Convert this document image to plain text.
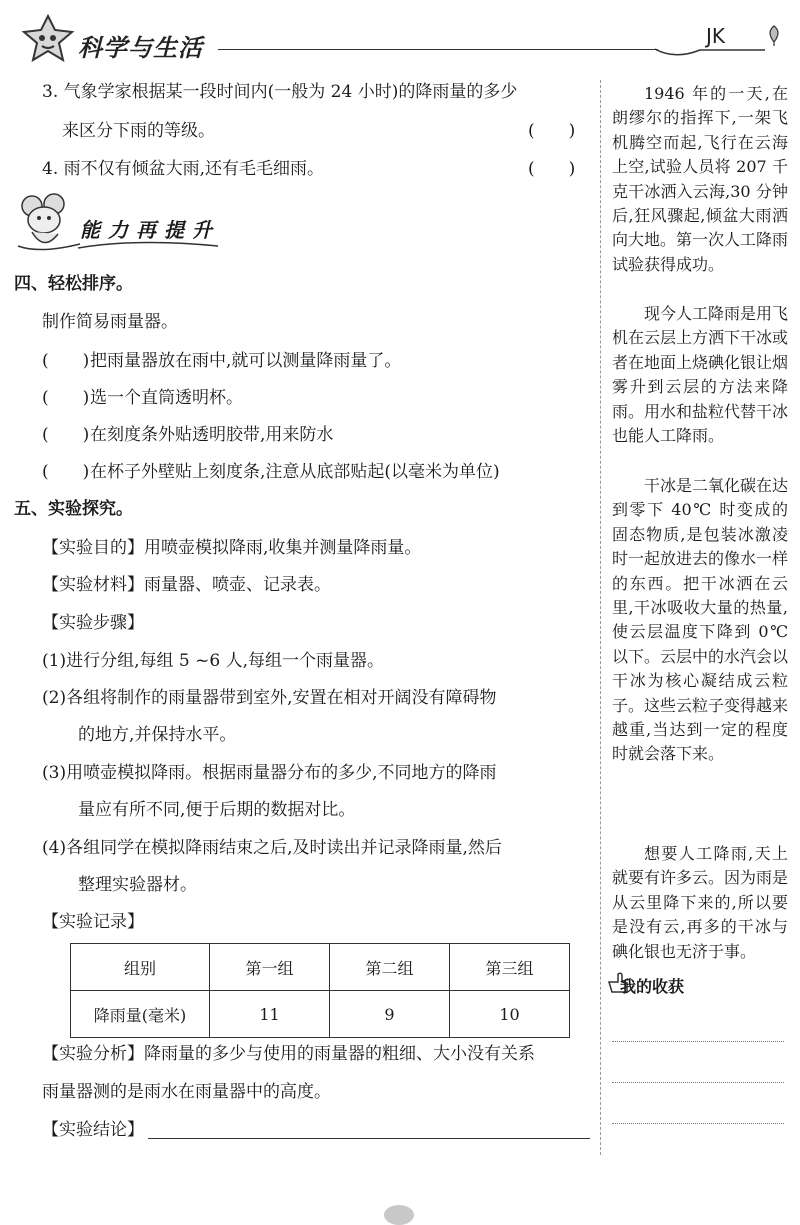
科学与生活	JK
3. 气象学家根据某一段时间内(一般为 24 小时)的降雨量的多少
来区分下雨的等级。	(　　)
4. 雨不仅有倾盆大雨,还有毛毛细雨。	(　　)
能力再提升
四、轻松排序。
制作简易雨量器。
(　　) 把雨量器放在雨中,就可以测量降雨量了。
(　　) 选一个直筒透明杯。
(　　) 在刻度条外贴透明胶带,用来防水
(　　) 在杯子外壁贴上刻度条,注意从底部贴起(以毫米为单位)
五、实验探究。
【实验目的】用喷壶模拟降雨,收集并测量降雨量。
【实验材料】雨量器、喷壶、记录表。
【实验步骤】
(1)进行分组,每组 5 ~6 人,每组一个雨量器。
(2)各组将制作的雨量器带到室外,安置在相对开阔没有障碍物
的地方,并保持水平。
(3)用喷壶模拟降雨。根据雨量器分布的多少,不同地方的降雨
量应有所不同,便于后期的数据对比。
(4)各组同学在模拟降雨结束之后,及时读出并记录降雨量,然后
整理实验器材。
【实验记录】
组别	第一组	第二组	第三组
降雨量(毫米)	11	9	10
【实验分析】降雨量的多少与使用的雨量器的粗细、大小没有关系
雨量器测的是雨水在雨量器中的高度。
【实验结论】
1946 年的一天,在朗缪尔的指挥下,一架飞机腾空而起,飞行在云海上空,试验人员将 207 千克干冰洒入云海,30 分钟后,狂风骤起,倾盆大雨洒向大地。第一次人工降雨试验获得成功。
现今人工降雨是用飞机在云层上方洒下干冰或者在地面上烧碘化银让烟雾升到云层的方法来降雨。用水和盐粒代替干冰也能人工降雨。
干冰是二氧化碳在达到零下 40℃ 时变成的固态物质,是包装冰激凌时一起放进去的像水一样的东西。把干冰洒在云里,干冰吸收大量的热量,使云层温度下降到 0℃ 以下。云层中的水汽会以干冰为核心凝结成云粒子。这些云粒子变得越来越重,当达到一定的程度时就会落下来。
想要人工降雨,天上就要有许多云。因为雨是从云里降下来的,所以要是没有云,再多的干冰与碘化银也无济于事。
我的收获
